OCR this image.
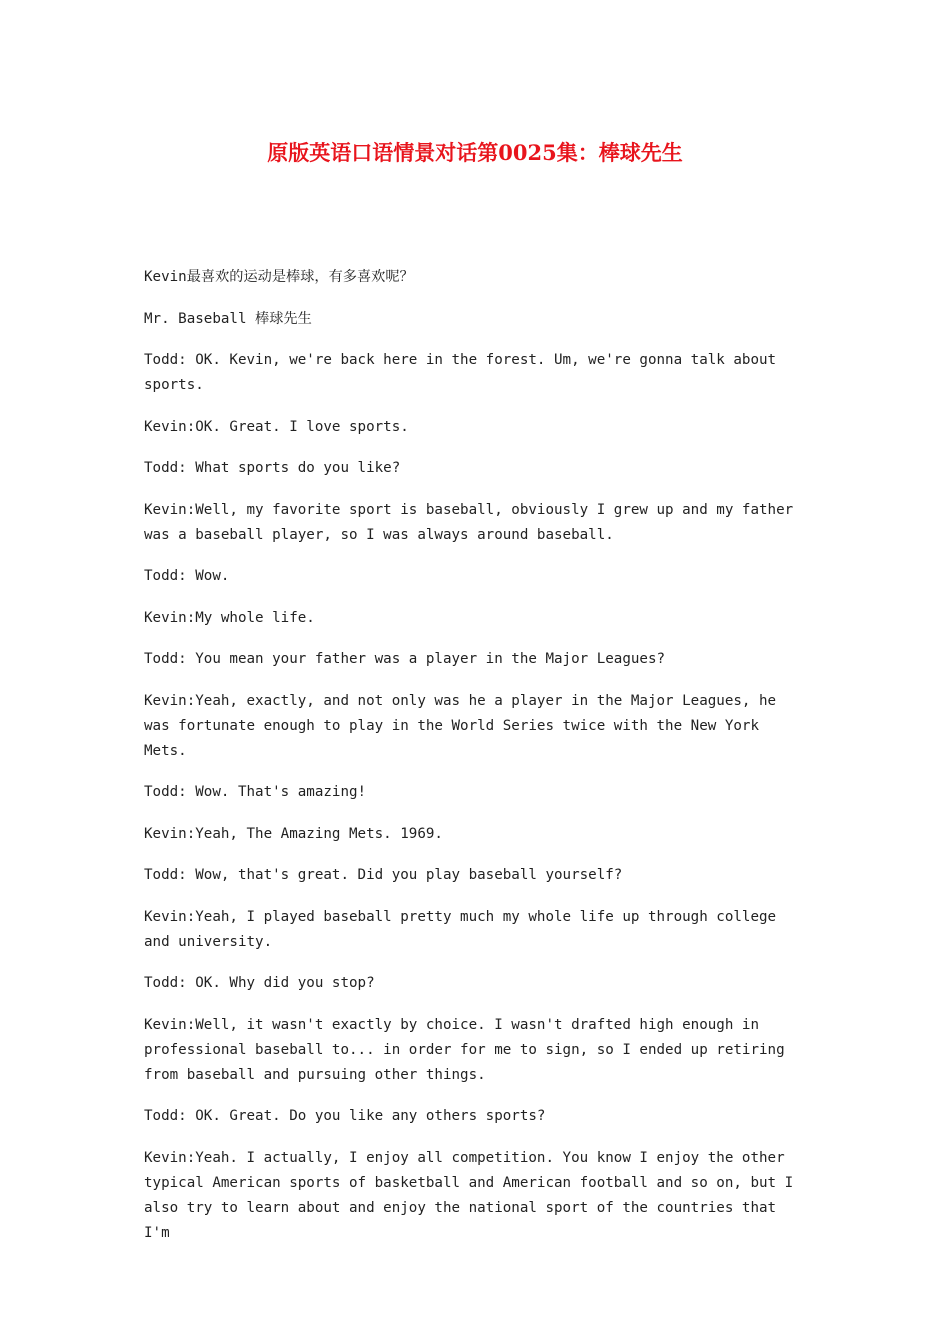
原版英语口语情景对话第0025集：棒球先生

Kevin最喜欢的运动是棒球，有多喜欢呢？

Mr. Baseball 棒球先生

Todd: OK. Kevin, we're back here in the forest. Um, we're gonna talk about sports.

Kevin:OK. Great. I love sports.

Todd: What sports do you like?

Kevin:Well, my favorite sport is baseball, obviously I grew up and my father was a baseball player, so I was always around baseball.

Todd: Wow.

Kevin:My whole life.

Todd: You mean your father was a player in the Major Leagues?

Kevin:Yeah, exactly, and not only was he a player in the Major Leagues, he was fortunate enough to play in the World Series twice with the New York Mets.

Todd: Wow. That's amazing!

Kevin:Yeah, The Amazing Mets. 1969.

Todd: Wow, that's great. Did you play baseball yourself?

Kevin:Yeah, I played baseball pretty much my whole life up through college and university.

Todd: OK. Why did you stop?

Kevin:Well, it wasn't exactly by choice. I wasn't drafted high enough in professional baseball to... in order for me to sign, so I ended up retiring from baseball and pursuing other things.

Todd: OK. Great. Do you like any others sports?

Kevin:Yeah. I actually, I enjoy all competition. You know I enjoy the other typical American sports of basketball and American football and so on, but I also try to learn about and enjoy the national sport of the countries that I'm
